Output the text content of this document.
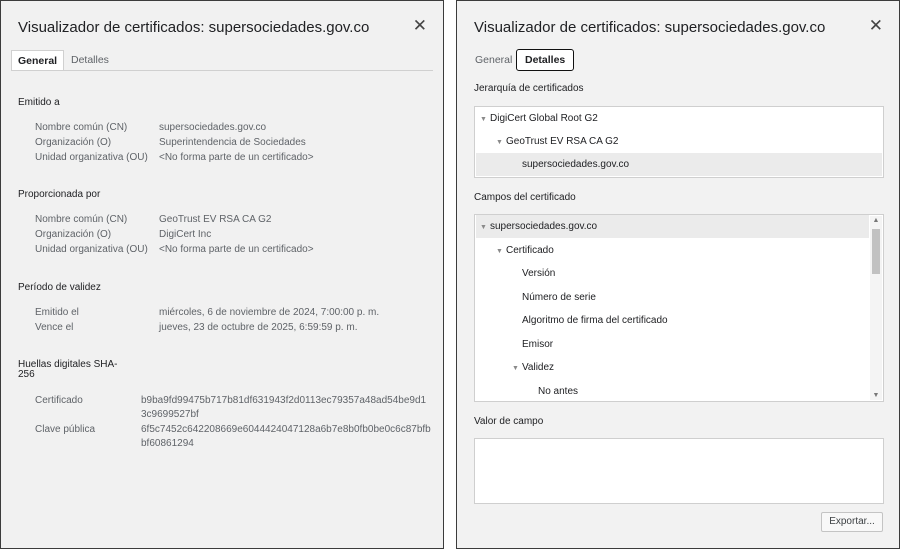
Visualizador de certificados: supersociedades.gov.co	✕
General	Detalles
Emitido a
Nombre común (CN)	supersociedades.gov.co
Organización (O)	Superintendencia de Sociedades
Unidad organizativa (OU) <No forma parte de un certificado>
Proporcionada por
Nombre común (CN)	GeoTrust EV RSA CA G2
Organización (O)	DigiCert Inc
Unidad organizativa (OU) <No forma parte de un certificado>
Período de validez
Emitido el	miércoles, 6 de noviembre de 2024, 7:00:00 p. m.
Vence el	jueves, 23 de octubre de 2025, 6:59:59 p. m.
Huellas digitales SHA-
256
Certificado	b9ba9fd99475b717b81df631943f2d0113ec79357a48ad54be9d13c9699527bf
Clave pública	6f5c7452c642208669e6044424047128a6b7e8b0fb0be0c6c87bfbbf60861294
Visualizador de certificados: supersociedades.gov.co	✕
General	Detalles
Jerarquía de certificados
▼ DigiCert Global Root G2
▼ GeoTrust EV RSA CA G2
supersociedades.gov.co
Campos del certificado
▼ supersociedades.gov.co
▼ Certificado
Versión
Número de serie
Algoritmo de firma del certificado
Emisor
▼ Validez
No antes
▲
▼
Valor de campo
Exportar...
